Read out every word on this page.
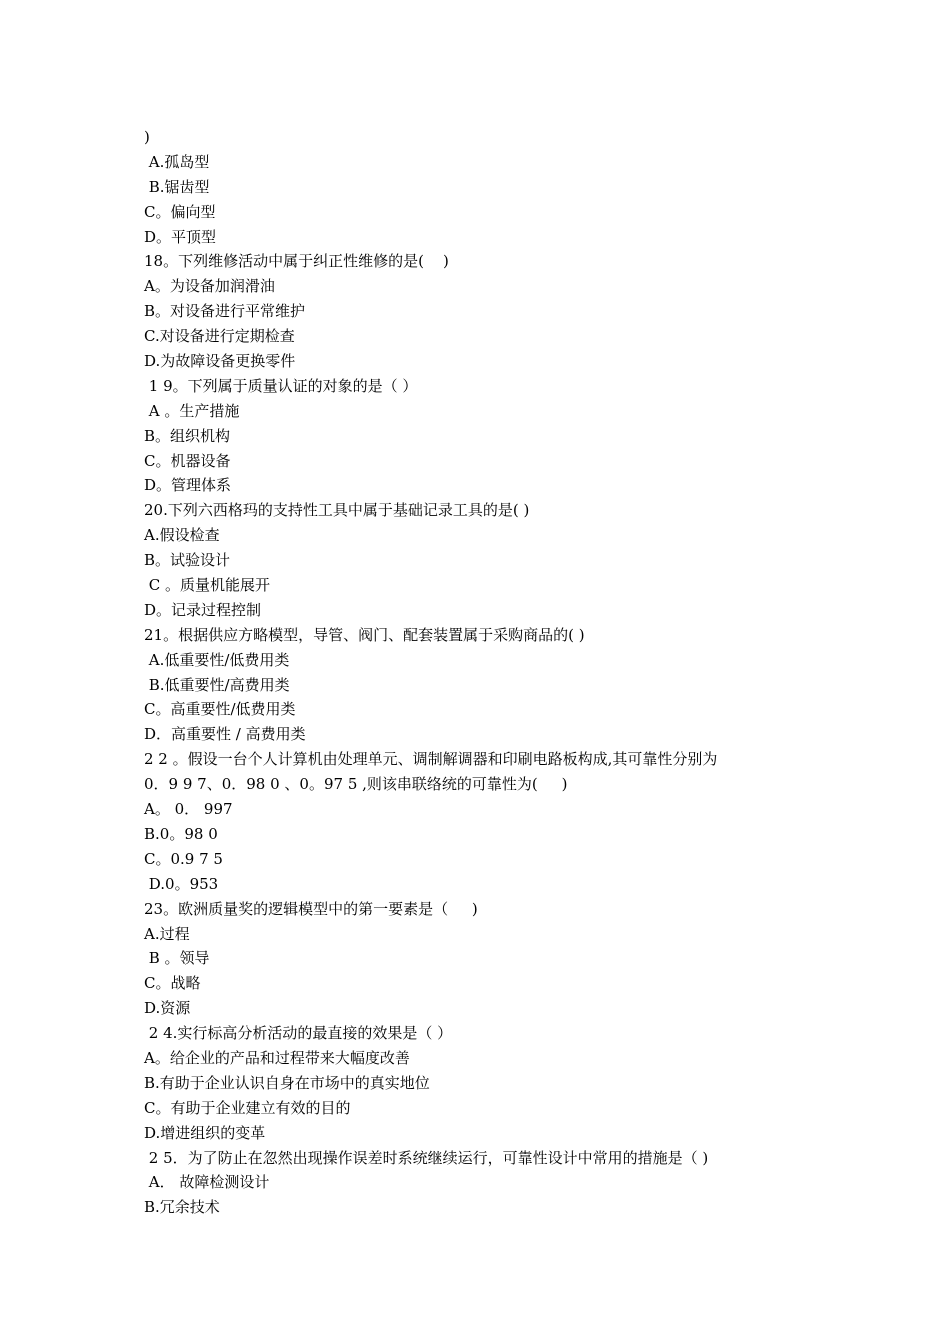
)
A.孤岛型
B.锯齿型
C。偏向型
D。平顶型
18。下列维修活动中属于纠正性维修的是(    )
A。为设备加润滑油
B。对设备进行平常维护
C.对设备进行定期检查
D.为故障设备更换零件
1 9。下列属于质量认证的对象的是（ ）
A 。生产措施
B。组织机构
C。机器设备
D。管理体系
20.下列六西格玛的支持性工具中属于基础记录工具的是( )
A.假设检查
B。试验设计
C 。质量机能展开
D。记录过程控制
21。根据供应方略模型，导管、阀门、配套装置属于采购商品的( )
A.低重要性/低费用类
B.低重要性/高费用类
C。高重要性/低费用类
D．高重要性 / 高费用类
2 2 。假设一台个人计算机由处理单元、调制解调器和印刷电路板构成,其可靠性分别为
0．9 9 7、0．98 0 、0。97 5 ,则该串联络统的可靠性为(     )
A。 0． 997
B.0。98 0
C。0.9 7 5
D.0。953
23。欧洲质量奖的逻辑模型中的第一要素是（     )
A.过程
B 。领导
C。战略
D.资源
2 4.实行标高分析活动的最直接的效果是（ ）
A。给企业的产品和过程带来大幅度改善
B.有助于企业认识自身在市场中的真实地位
C。有助于企业建立有效的目的
D.增进组织的变革
2 5．为了防止在忽然出现操作误差时系统继续运行，可靠性设计中常用的措施是（ )
A． 故障检测设计
B.冗余技术
